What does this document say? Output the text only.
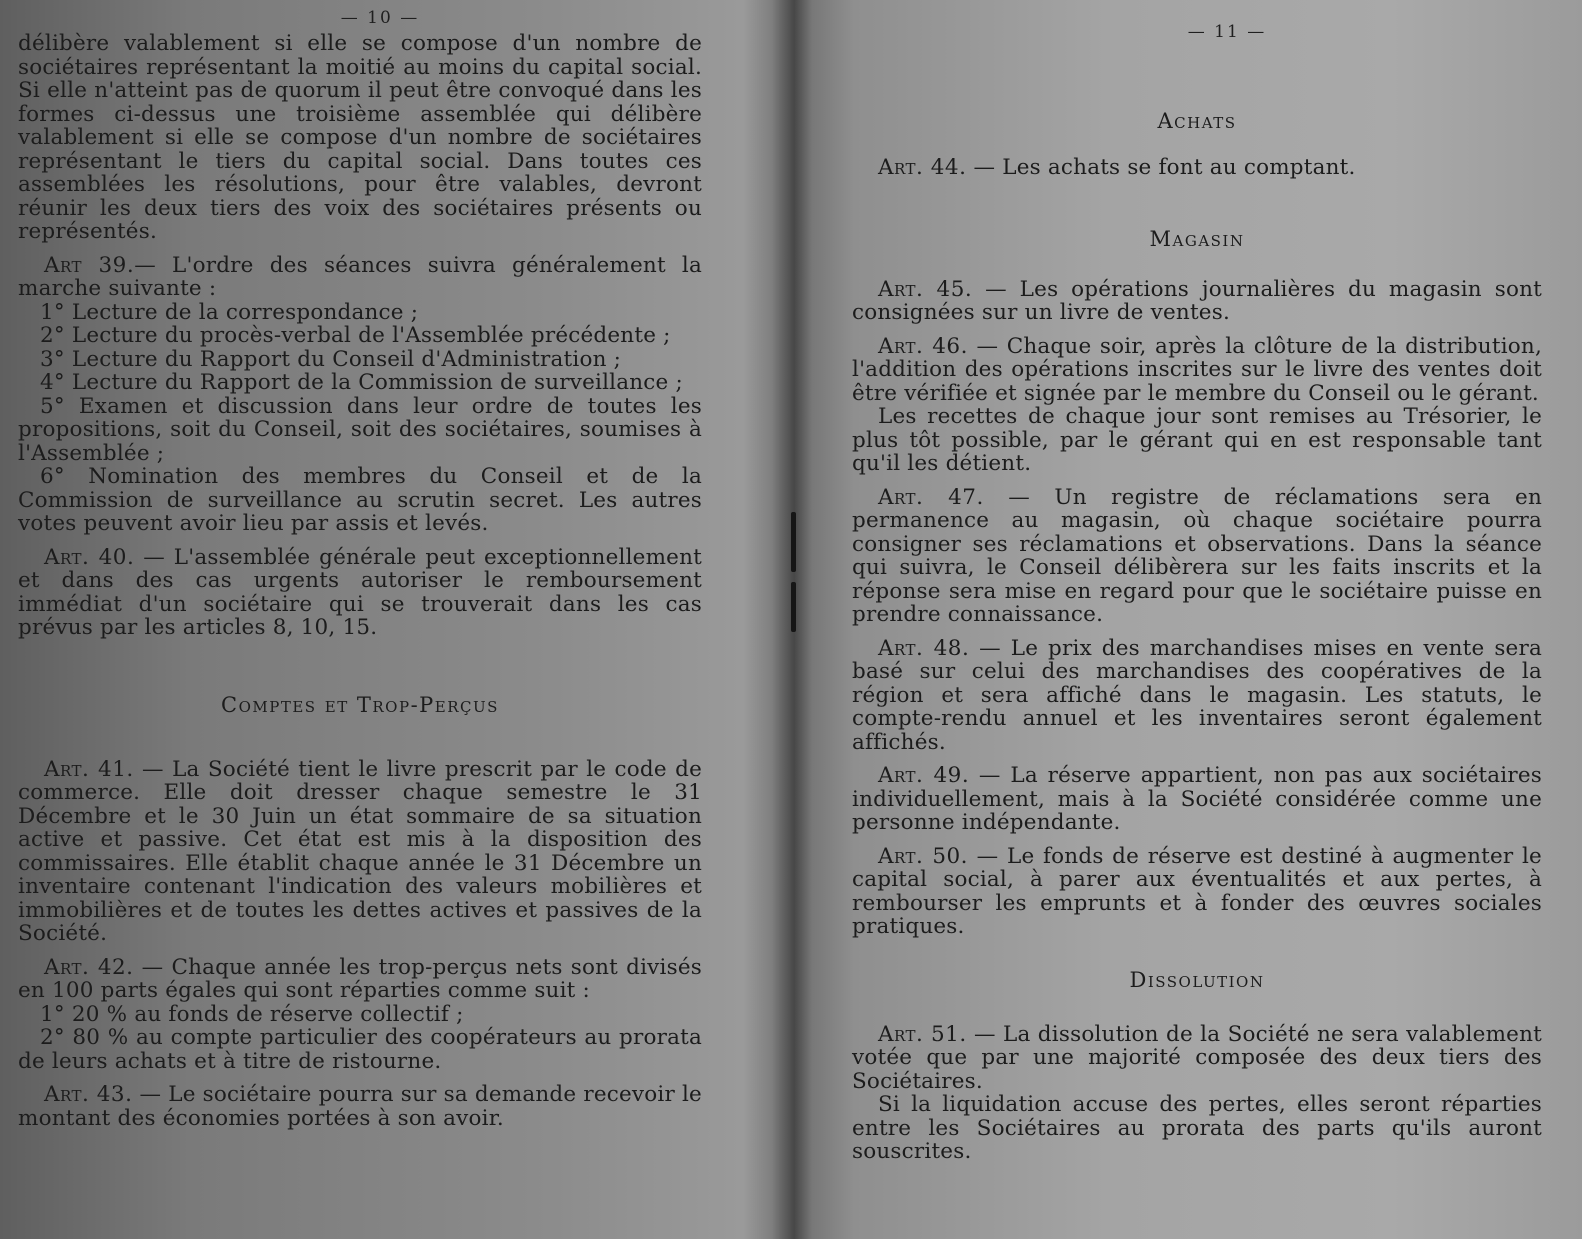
— 10 —

délibère valablement si elle se compose d'un nombre de sociétaires représentant la moitié au moins du capital social. Si elle n'atteint pas de quorum il peut être convoqué dans les formes ci-dessus une troisième assemblée qui délibère valablement si elle se compose d'un nombre de sociétaires représentant le tiers du capital social. Dans toutes ces assemblées les résolutions, pour être valables, devront réunir les deux tiers des voix des sociétaires présents ou représentés.

Art 39.— L'ordre des séances suivra généralement la marche suivante :

1° Lecture de la correspondance ;

2° Lecture du procès-verbal de l'Assemblée précédente ;

3° Lecture du Rapport du Conseil d'Administration ;

4° Lecture du Rapport de la Commission de surveillance ;

5° Examen et discussion dans leur ordre de toutes les propositions, soit du Conseil, soit des sociétaires, soumises à l'Assemblée ;

6° Nomination des membres du Conseil et de la Commission de surveillance au scrutin secret. Les autres votes peuvent avoir lieu par assis et levés.

Art. 40. — L'assemblée générale peut exceptionnellement et dans des cas urgents autoriser le remboursement immédiat d'un sociétaire qui se trouverait dans les cas prévus par les articles 8, 10, 15.

Comptes et Trop-Perçus

Art. 41. — La Société tient le livre prescrit par le code de commerce. Elle doit dresser chaque semestre le 31 Décembre et le 30 Juin un état sommaire de sa situation active et passive. Cet état est mis à la disposition des commissaires. Elle établit chaque année le 31 Décembre un inventaire contenant l'indication des valeurs mobilières et immobilières et de toutes les dettes actives et passives de la Société.

Art. 42. — Chaque année les trop-perçus nets sont divisés en 100 parts égales qui sont réparties comme suit :

1° 20 % au fonds de réserve collectif ;

2° 80 % au compte particulier des coopérateurs au prorata de leurs achats et à titre de ristourne.

Art. 43. — Le sociétaire pourra sur sa demande recevoir le montant des économies portées à son avoir.

— 11 —
Achats

Art. 44. — Les achats se font au comptant.

Magasin

Art. 45. — Les opérations journalières du magasin sont consignées sur un livre de ventes.

Art. 46. — Chaque soir, après la clôture de la distribution, l'addition des opérations inscrites sur le livre des ventes doit être vérifiée et signée par le membre du Conseil ou le gérant.

Les recettes de chaque jour sont remises au Trésorier, le plus tôt possible, par le gérant qui en est responsable tant qu'il les détient.

Art. 47. — Un registre de réclamations sera en permanence au magasin, où chaque sociétaire pourra consigner ses réclamations et observations. Dans la séance qui suivra, le Conseil délibèrera sur les faits inscrits et la réponse sera mise en regard pour que le sociétaire puisse en prendre connaissance.

Art. 48. — Le prix des marchandises mises en vente sera basé sur celui des marchandises des coopératives de la région et sera affiché dans le magasin. Les statuts, le compte-rendu annuel et les inventaires seront également affichés.

Art. 49. — La réserve appartient, non pas aux sociétaires individuellement, mais à la Société considérée comme une personne indépendante.

Art. 50. — Le fonds de réserve est destiné à augmenter le capital social, à parer aux éventualités et aux pertes, à rembourser les emprunts et à fonder des œuvres sociales pratiques.

Dissolution

Art. 51. — La dissolution de la Société ne sera valablement votée que par une majorité composée des deux tiers des Sociétaires.

Si la liquidation accuse des pertes, elles seront réparties entre les Sociétaires au prorata des parts qu'ils auront souscrites.
